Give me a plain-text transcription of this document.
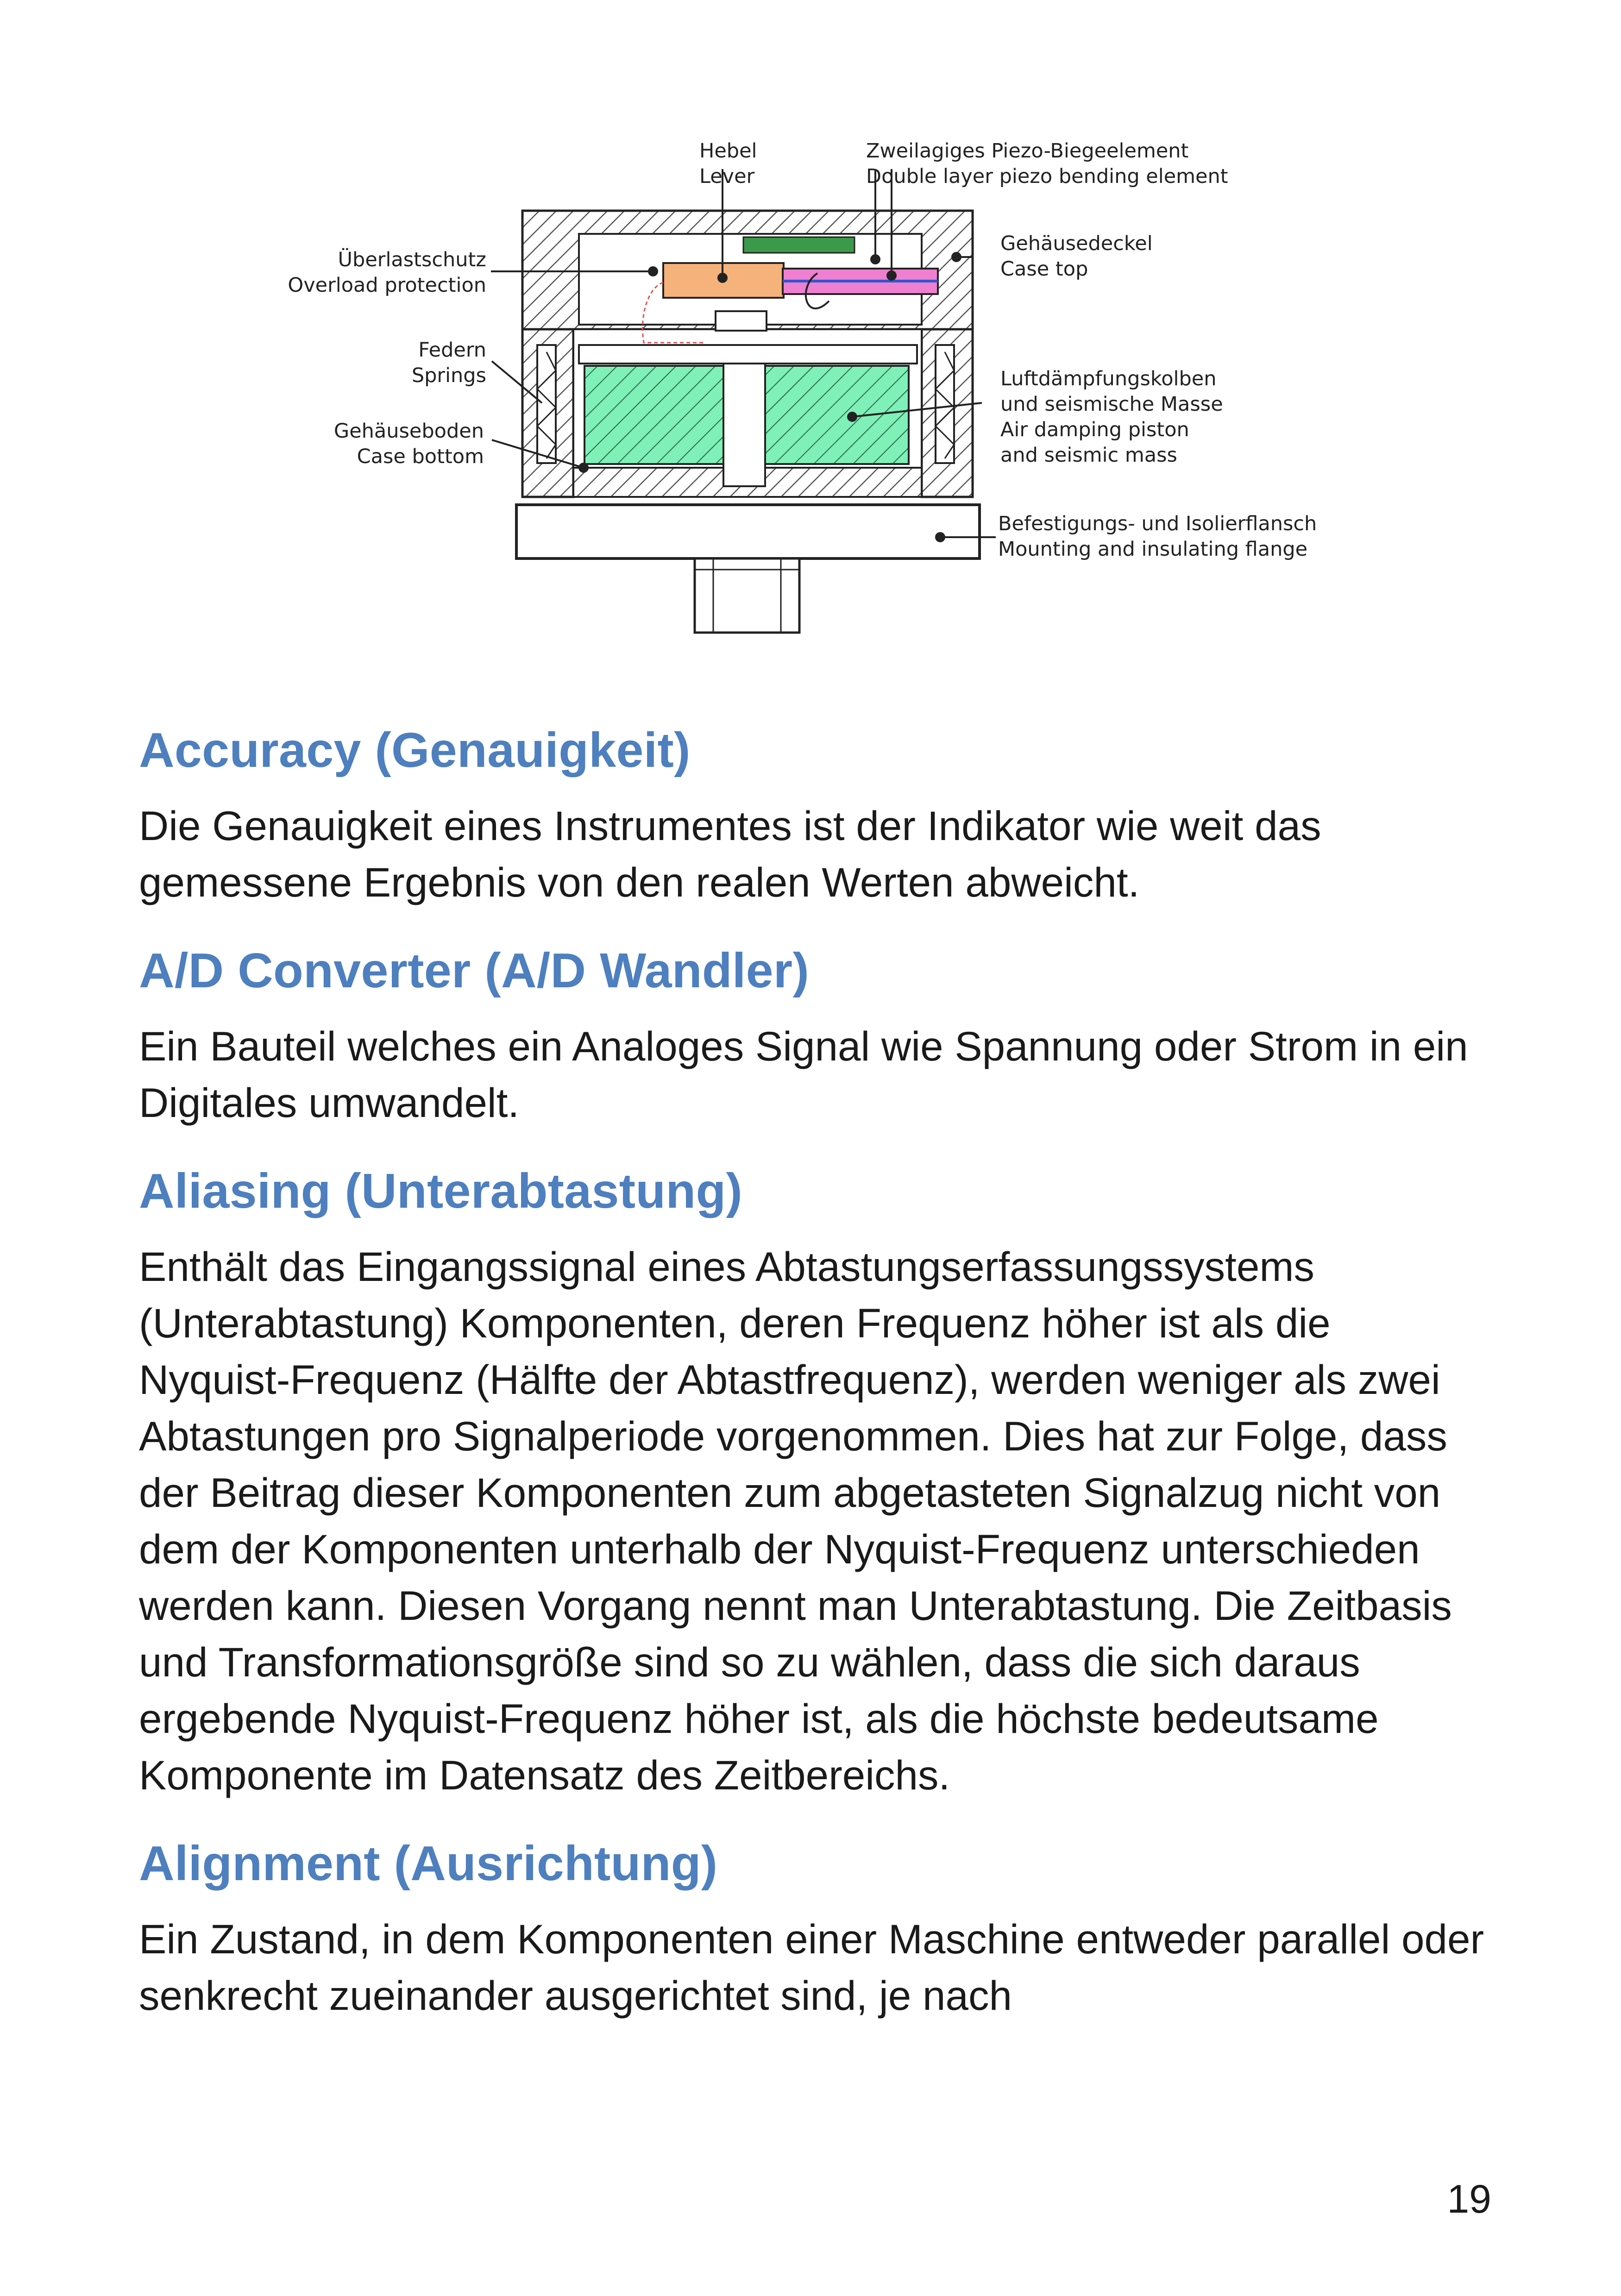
Hebel
Lever
Zweilagiges Piezo-Biegeelement
Double layer piezo bending element
Überlastschutz
Overload protection
Gehäusedeckel
Case top
Federn
Springs	Luftdämpfungskolben
und seismische Masse
Air damping piston
and seismic mass
Gehäuseboden
Case bottom
Befestigungs- und Isolierflansch
Mounting and insulating flange
Accuracy (Genauigkeit)

Die Genauigkeit eines Instrumentes ist der Indikator wie weit das gemessene Ergebnis von den realen Werten abweicht.

A/D Converter (A/D Wandler)

Ein Bauteil welches ein Analoges Signal wie Spannung oder Strom in ein Digitales umwandelt.

Aliasing (Unterabtastung)

Enthält das Eingangssignal eines Abtastungserfassungssystems (Unterabtastung) Komponenten, deren Frequenz höher ist als die Nyquist-Frequenz (Hälfte der Abtastfrequenz), werden weniger als zwei Abtastungen pro Signalperiode vorgenommen. Dies hat zur Folge, dass der Beitrag dieser Komponenten zum abgetasteten Signalzug nicht von dem der Komponenten unterhalb der Nyquist-Frequenz unterschieden werden kann. Diesen Vorgang nennt man Unterabtastung. Die Zeitbasis und Transformationsgröße sind so zu wählen, dass die sich daraus ergebende Nyquist-Frequenz höher ist, als die höchste bedeutsame Komponente im Datensatz des Zeitbereichs.

Alignment (Ausrichtung)

Ein Zustand, in dem Komponenten einer Maschine entweder parallel oder senkrecht zueinander ausgerichtet sind, je nach

19
